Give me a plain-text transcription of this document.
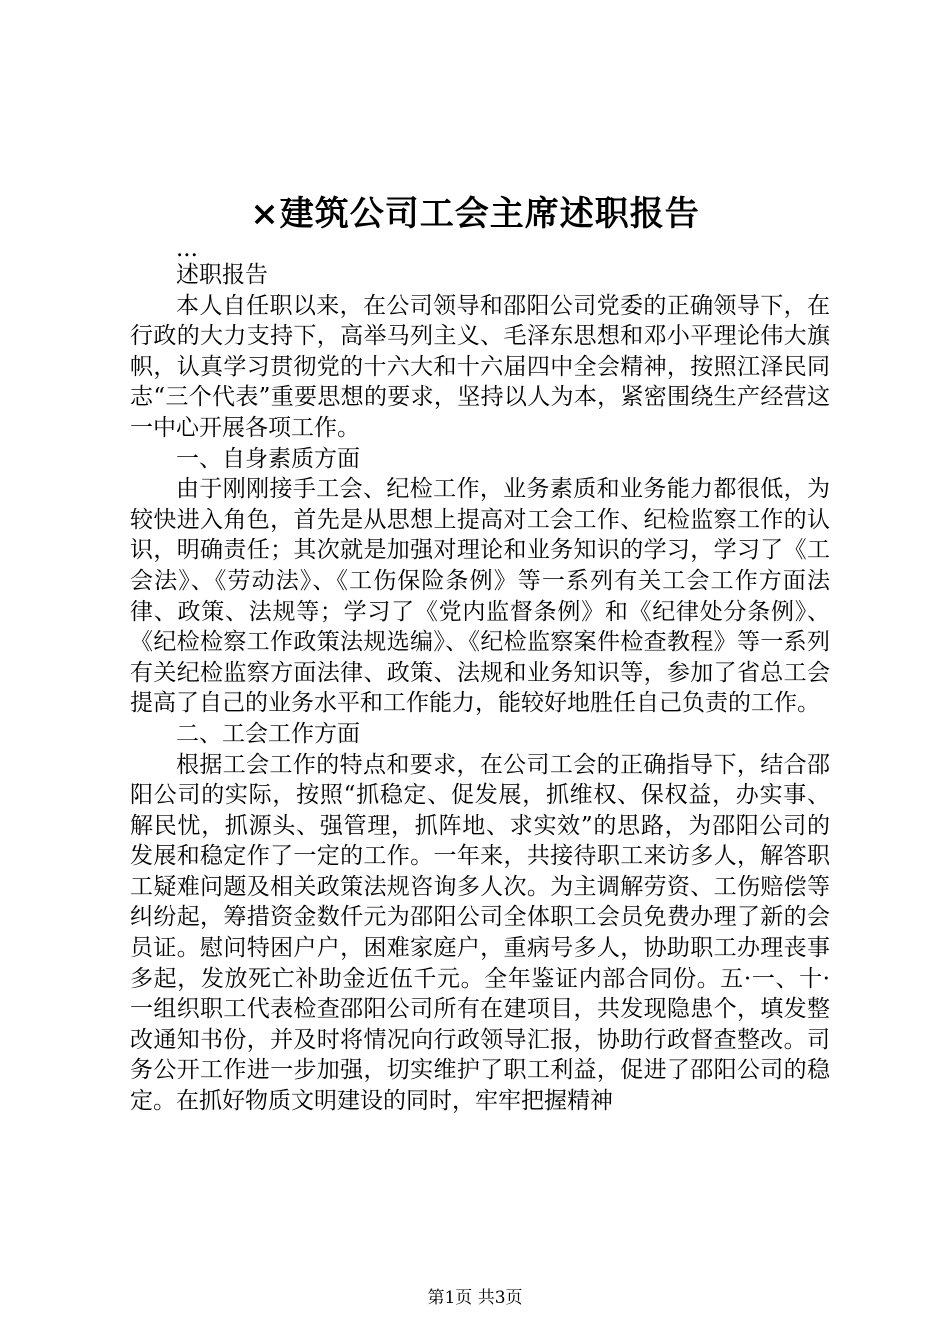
×建筑公司工会主席述职报告

...

述职报告

本人自任职以来，在公司领导和邵阳公司党委的正确领导下，在行政的大力支持下，高举马列主义、毛泽东思想和邓小平理论伟大旗帜，认真学习贯彻党的十六大和十六届四中全会精神，按照江泽民同志“三个代表”重要思想的要求，坚持以人为本，紧密围绕生产经营这一中心开展各项工作。

一、自身素质方面

由于刚刚接手工会、纪检工作，业务素质和业务能力都很低，为较快进入角色，首先是从思想上提高对工会工作、纪检监察工作的认识，明确责任；其次就是加强对理论和业务知识的学习，学习了《工会法》、《劳动法》、《工伤保险条例》等一系列有关工会工作方面法律、政策、法规等；学习了《党内监督条例》和《纪律处分条例》、《纪检检察工作政策法规选编》、《纪检监察案件检查教程》等一系列有关纪检监察方面法律、政策、法规和业务知识等，参加了省总工会提高了自己的业务水平和工作能力，能较好地胜任自己负责的工作。

二、工会工作方面

根据工会工作的特点和要求，在公司工会的正确指导下，结合邵阳公司的实际，按照“抓稳定、促发展，抓维权、保权益，办实事、解民忧，抓源头、强管理，抓阵地、求实效”的思路，为邵阳公司的发展和稳定作了一定的工作。一年来，共接待职工来访多人，解答职工疑难问题及相关政策法规咨询多人次。为主调解劳资、工伤赔偿等纠纷起，筹措资金数仟元为邵阳公司全体职工会员免费办理了新的会员证。慰问特困户户，困难家庭户，重病号多人，协助职工办理丧事多起，发放死亡补助金近伍千元。全年鉴证内部合同份。五·一、十·一组织职工代表检查邵阳公司所有在建项目，共发现隐患个，填发整改通知书份，并及时将情况向行政领导汇报，协助行政督查整改。司务公开工作进一步加强，切实维护了职工利益，促进了邵阳公司的稳定。在抓好物质文明建设的同时，牢牢把握精神

第1页 共3页
